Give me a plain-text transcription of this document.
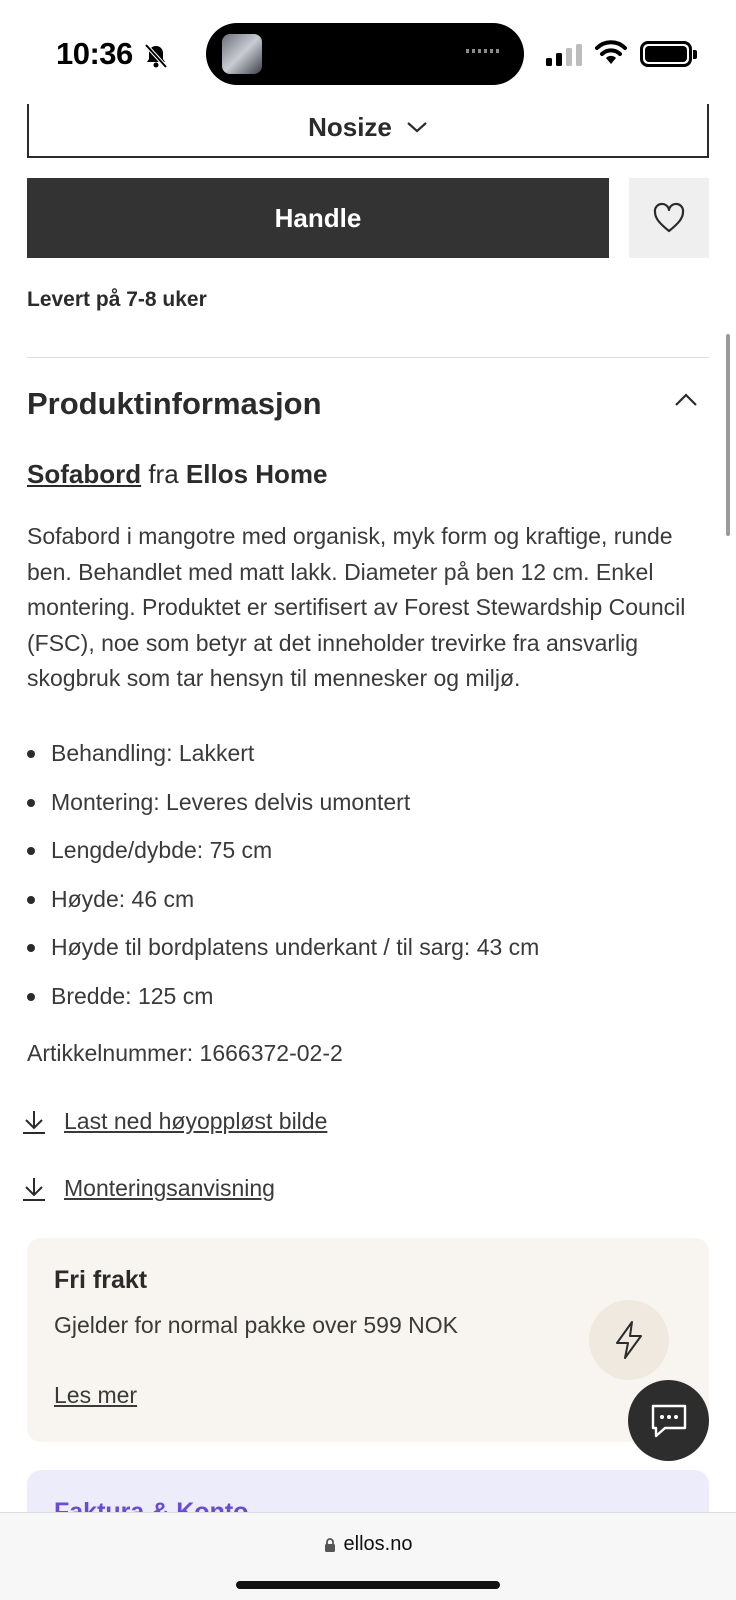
10:36
Nosize
Handle
Levert på 7-8 uker
Produktinformasjon
Sofabord fra Ellos Home

Sofabord i mangotre med organisk, myk form og kraftige, runde ben. Behandlet med matt lakk. Diameter på ben 12 cm. Enkel montering. Produktet er sertifisert av Forest Stewardship Council (FSC), noe som betyr at det inneholder trevirke fra ansvarlig skogbruk som tar hensyn til mennesker og miljø.

Behandling: Lakkert
Montering: Leveres delvis umontert
Lengde/dybde: 75 cm
Høyde: 46 cm
Høyde til bordplatens underkant / til sarg: 43 cm
Bredde: 125 cm
Artikkelnummer: 1666372-02-2
Last ned høyoppløst bilde
Monteringsanvisning
Fri frakt
Gjelder for normal pakke over 599 NOK
Les mer
ellos.no
